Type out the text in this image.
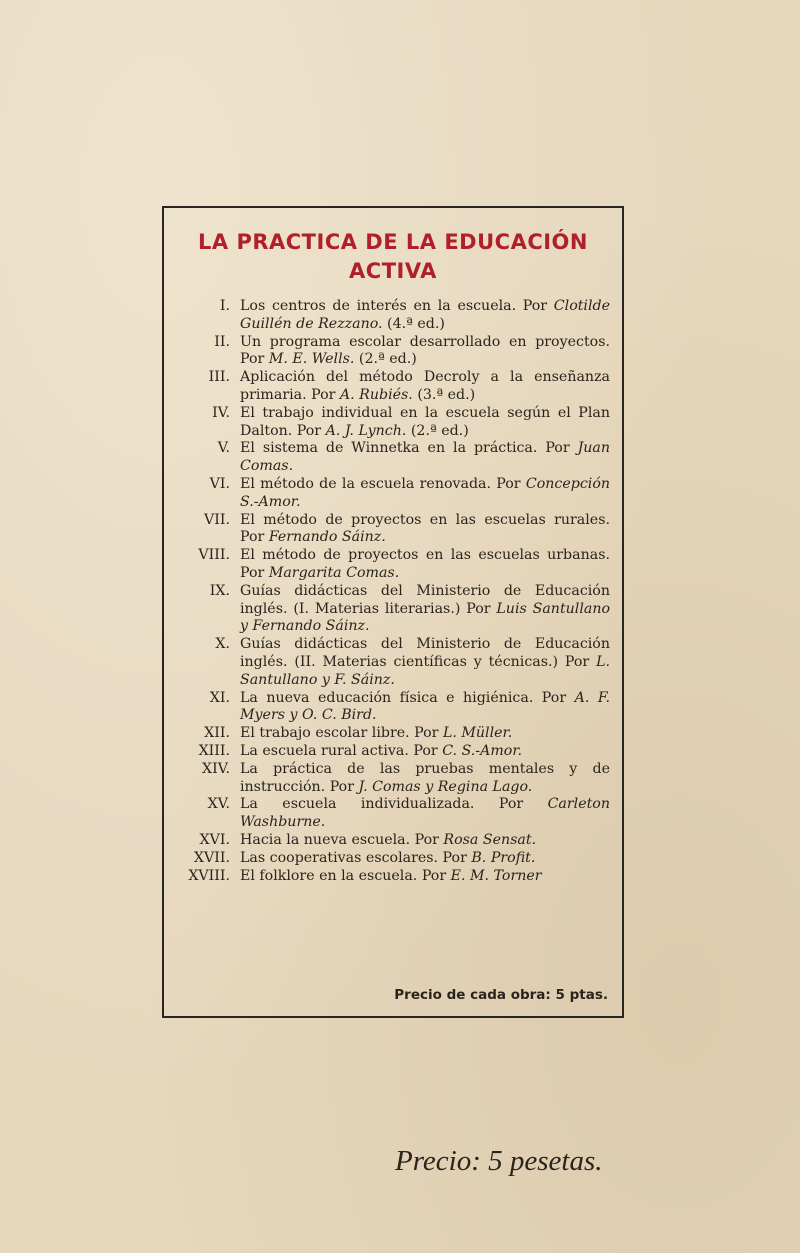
LA PRACTICA DE LA EDUCACIÓN
ACTIVA
I. Los centros de interés en la escuela. Por Clotilde Guillén de Rezzano. (4.ª ed.)
II. Un programa escolar desarrollado en proyectos. Por M. E. Wells. (2.ª ed.)
III. Aplicación del método Decroly a la enseñanza primaria. Por A. Rubiés. (3.ª ed.)
IV. El trabajo individual en la escuela según el Plan Dalton. Por A. J. Lynch. (2.ª ed.)
V. El sistema de Winnetka en la práctica. Por Juan Comas.
VI. El método de la escuela renovada. Por Concepción S.-Amor.
VII. El método de proyectos en las escuelas rurales. Por Fernando Sáinz.
VIII. El método de proyectos en las escuelas urbanas. Por Margarita Comas.
IX. Guías didácticas del Ministerio de Educación inglés. (I. Materias literarias.) Por Luis Santullano y Fernando Sáinz.
X. Guías didácticas del Ministerio de Educación inglés. (II. Materias científicas y técnicas.) Por L. Santullano y F. Sáinz.
XI. La nueva educación física e higiénica. Por A. F. Myers y O. C. Bird.
XII. El trabajo escolar libre. Por L. Müller.
XIII. La escuela rural activa. Por C. S.-Amor.
XIV. La práctica de las pruebas mentales y de instrucción. Por J. Comas y Regina Lago.
XV. La escuela individualizada. Por Carleton Washburne.
XVI. Hacia la nueva escuela. Por Rosa Sensat.
XVII. Las cooperativas escolares. Por B. Profit.
XVIII. El folklore en la escuela. Por E. M. Torner
Precio de cada obra: 5 ptas.
Precio: 5 pesetas.
